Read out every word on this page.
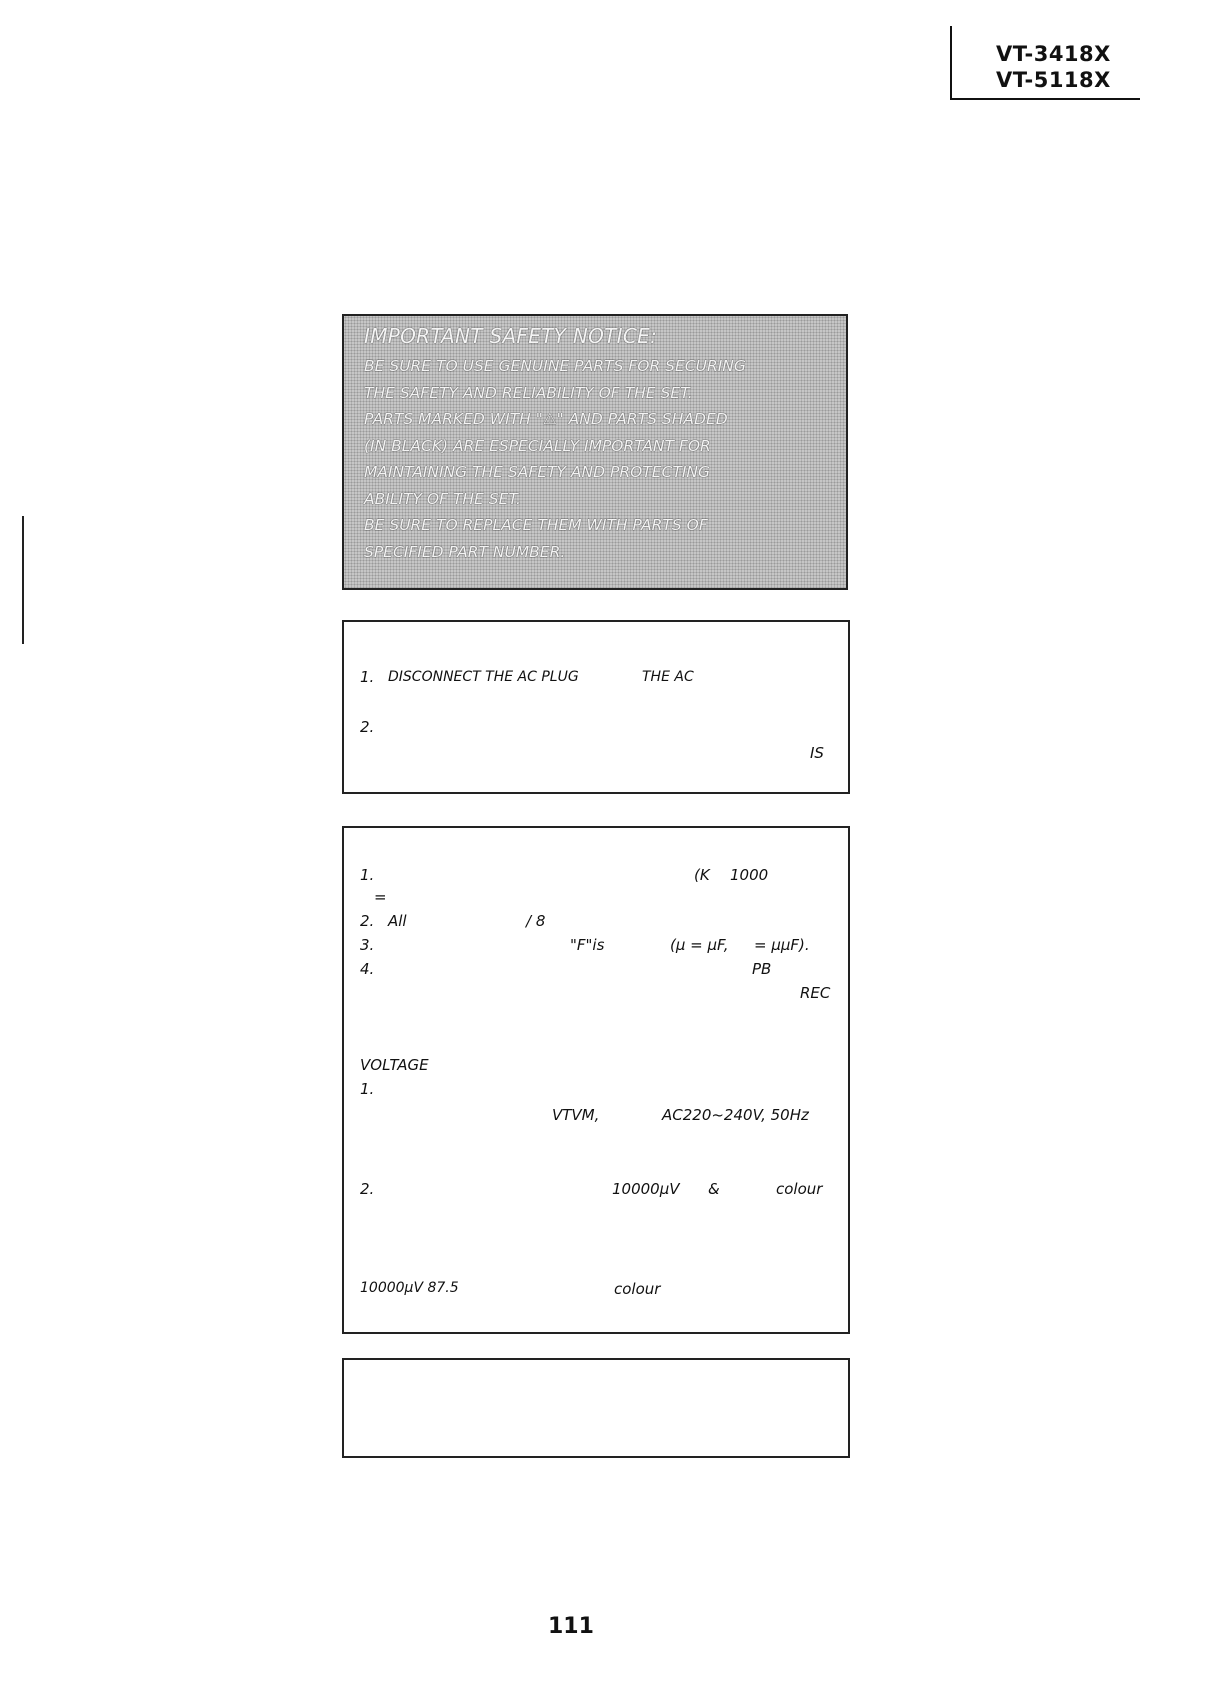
VT-3418X
VT-5118X
IMPORTANT SAFETY NOTICE:
BE SURE TO USE GENUINE PARTS FOR SECURING
THE SAFETY AND RELIABILITY OF THE SET.
PARTS MARKED WITH "⚠" AND PARTS SHADED
(IN BLACK) ARE ESPECIALLY IMPORTANT FOR
MAINTAINING THE SAFETY AND PROTECTING
ABILITY OF THE SET.
BE SURE TO REPLACE THEM WITH PARTS OF
SPECIFIED PART NUMBER.
1. DISCONNECT THE AC PLUG	THE AC
2.
IS
1.	(K 1000
=
2. All	/ 8
3.	"F"is	(µ = µF, = µµF).
4.	PB
REC
VOLTAGE
1.
VTVM,	AC220~240V, 50Hz
2.	10000µV &	colour
10000µV 87.5	colour
111
